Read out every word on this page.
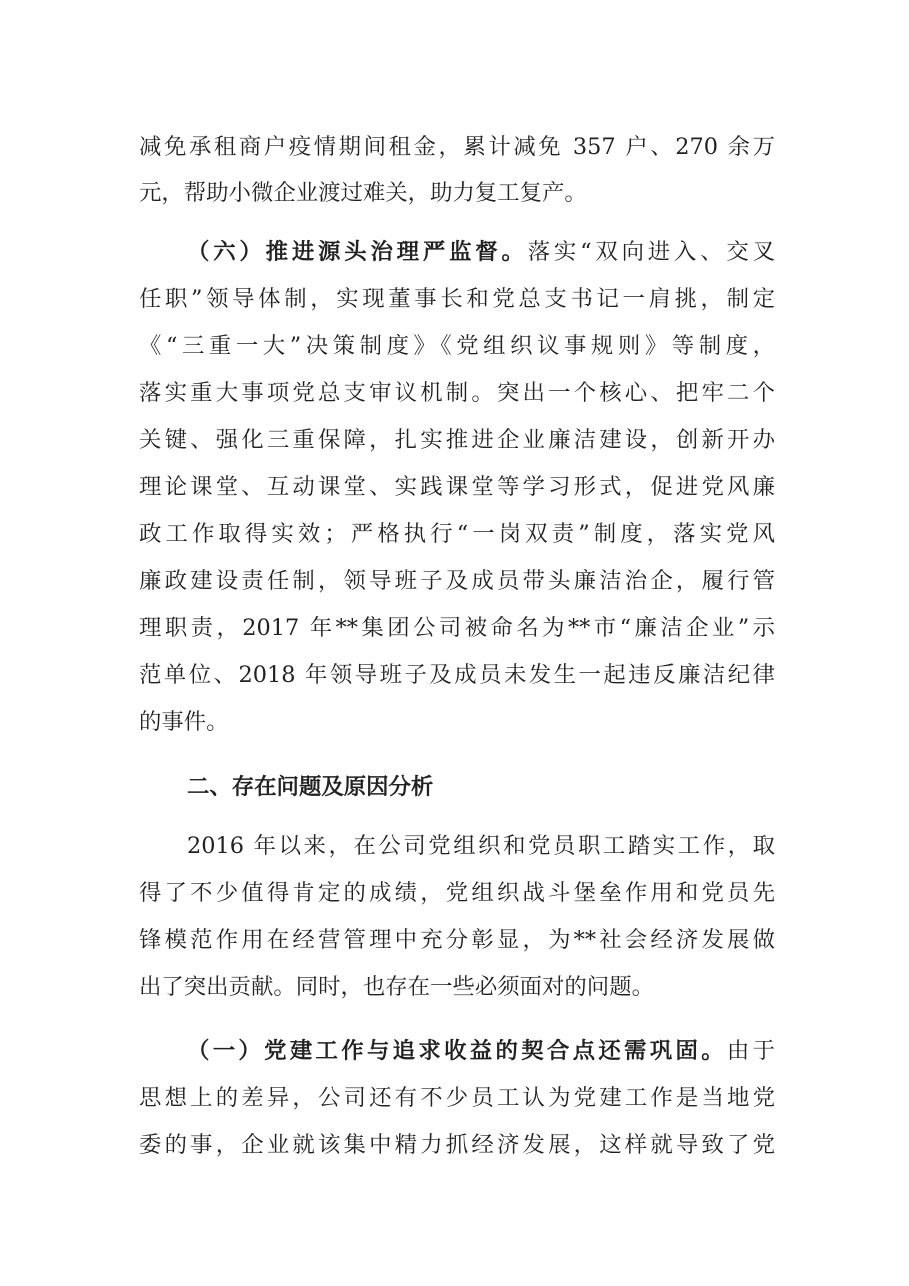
减免承租商户疫情期间租金，累计减免 357 户、270 余万
元，帮助小微企业渡过难关，助力复工复产。
（六）推进源头治理严监督。落实“双向进入、交叉
任职”领导体制，实现董事长和党总支书记一肩挑，制定
《“三重一大”决策制度》《党组织议事规则》等制度，
落实重大事项党总支审议机制。突出一个核心、把牢二个
关键、强化三重保障，扎实推进企业廉洁建设，创新开办
理论课堂、互动课堂、实践课堂等学习形式，促进党风廉
政工作取得实效；严格执行“一岗双责”制度，落实党风
廉政建设责任制，领导班子及成员带头廉洁治企，履行管
理职责，2017 年**集团公司被命名为**市“廉洁企业”示
范单位、2018 年领导班子及成员未发生一起违反廉洁纪律
的事件。
二、存在问题及原因分析
2016 年以来，在公司党组织和党员职工踏实工作，取
得了不少值得肯定的成绩，党组织战斗堡垒作用和党员先
锋模范作用在经营管理中充分彰显，为**社会经济发展做
出了突出贡献。同时，也存在一些必须面对的问题。
（一）党建工作与追求收益的契合点还需巩固。由于
思想上的差异，公司还有不少员工认为党建工作是当地党
委的事，企业就该集中精力抓经济发展，这样就导致了党
